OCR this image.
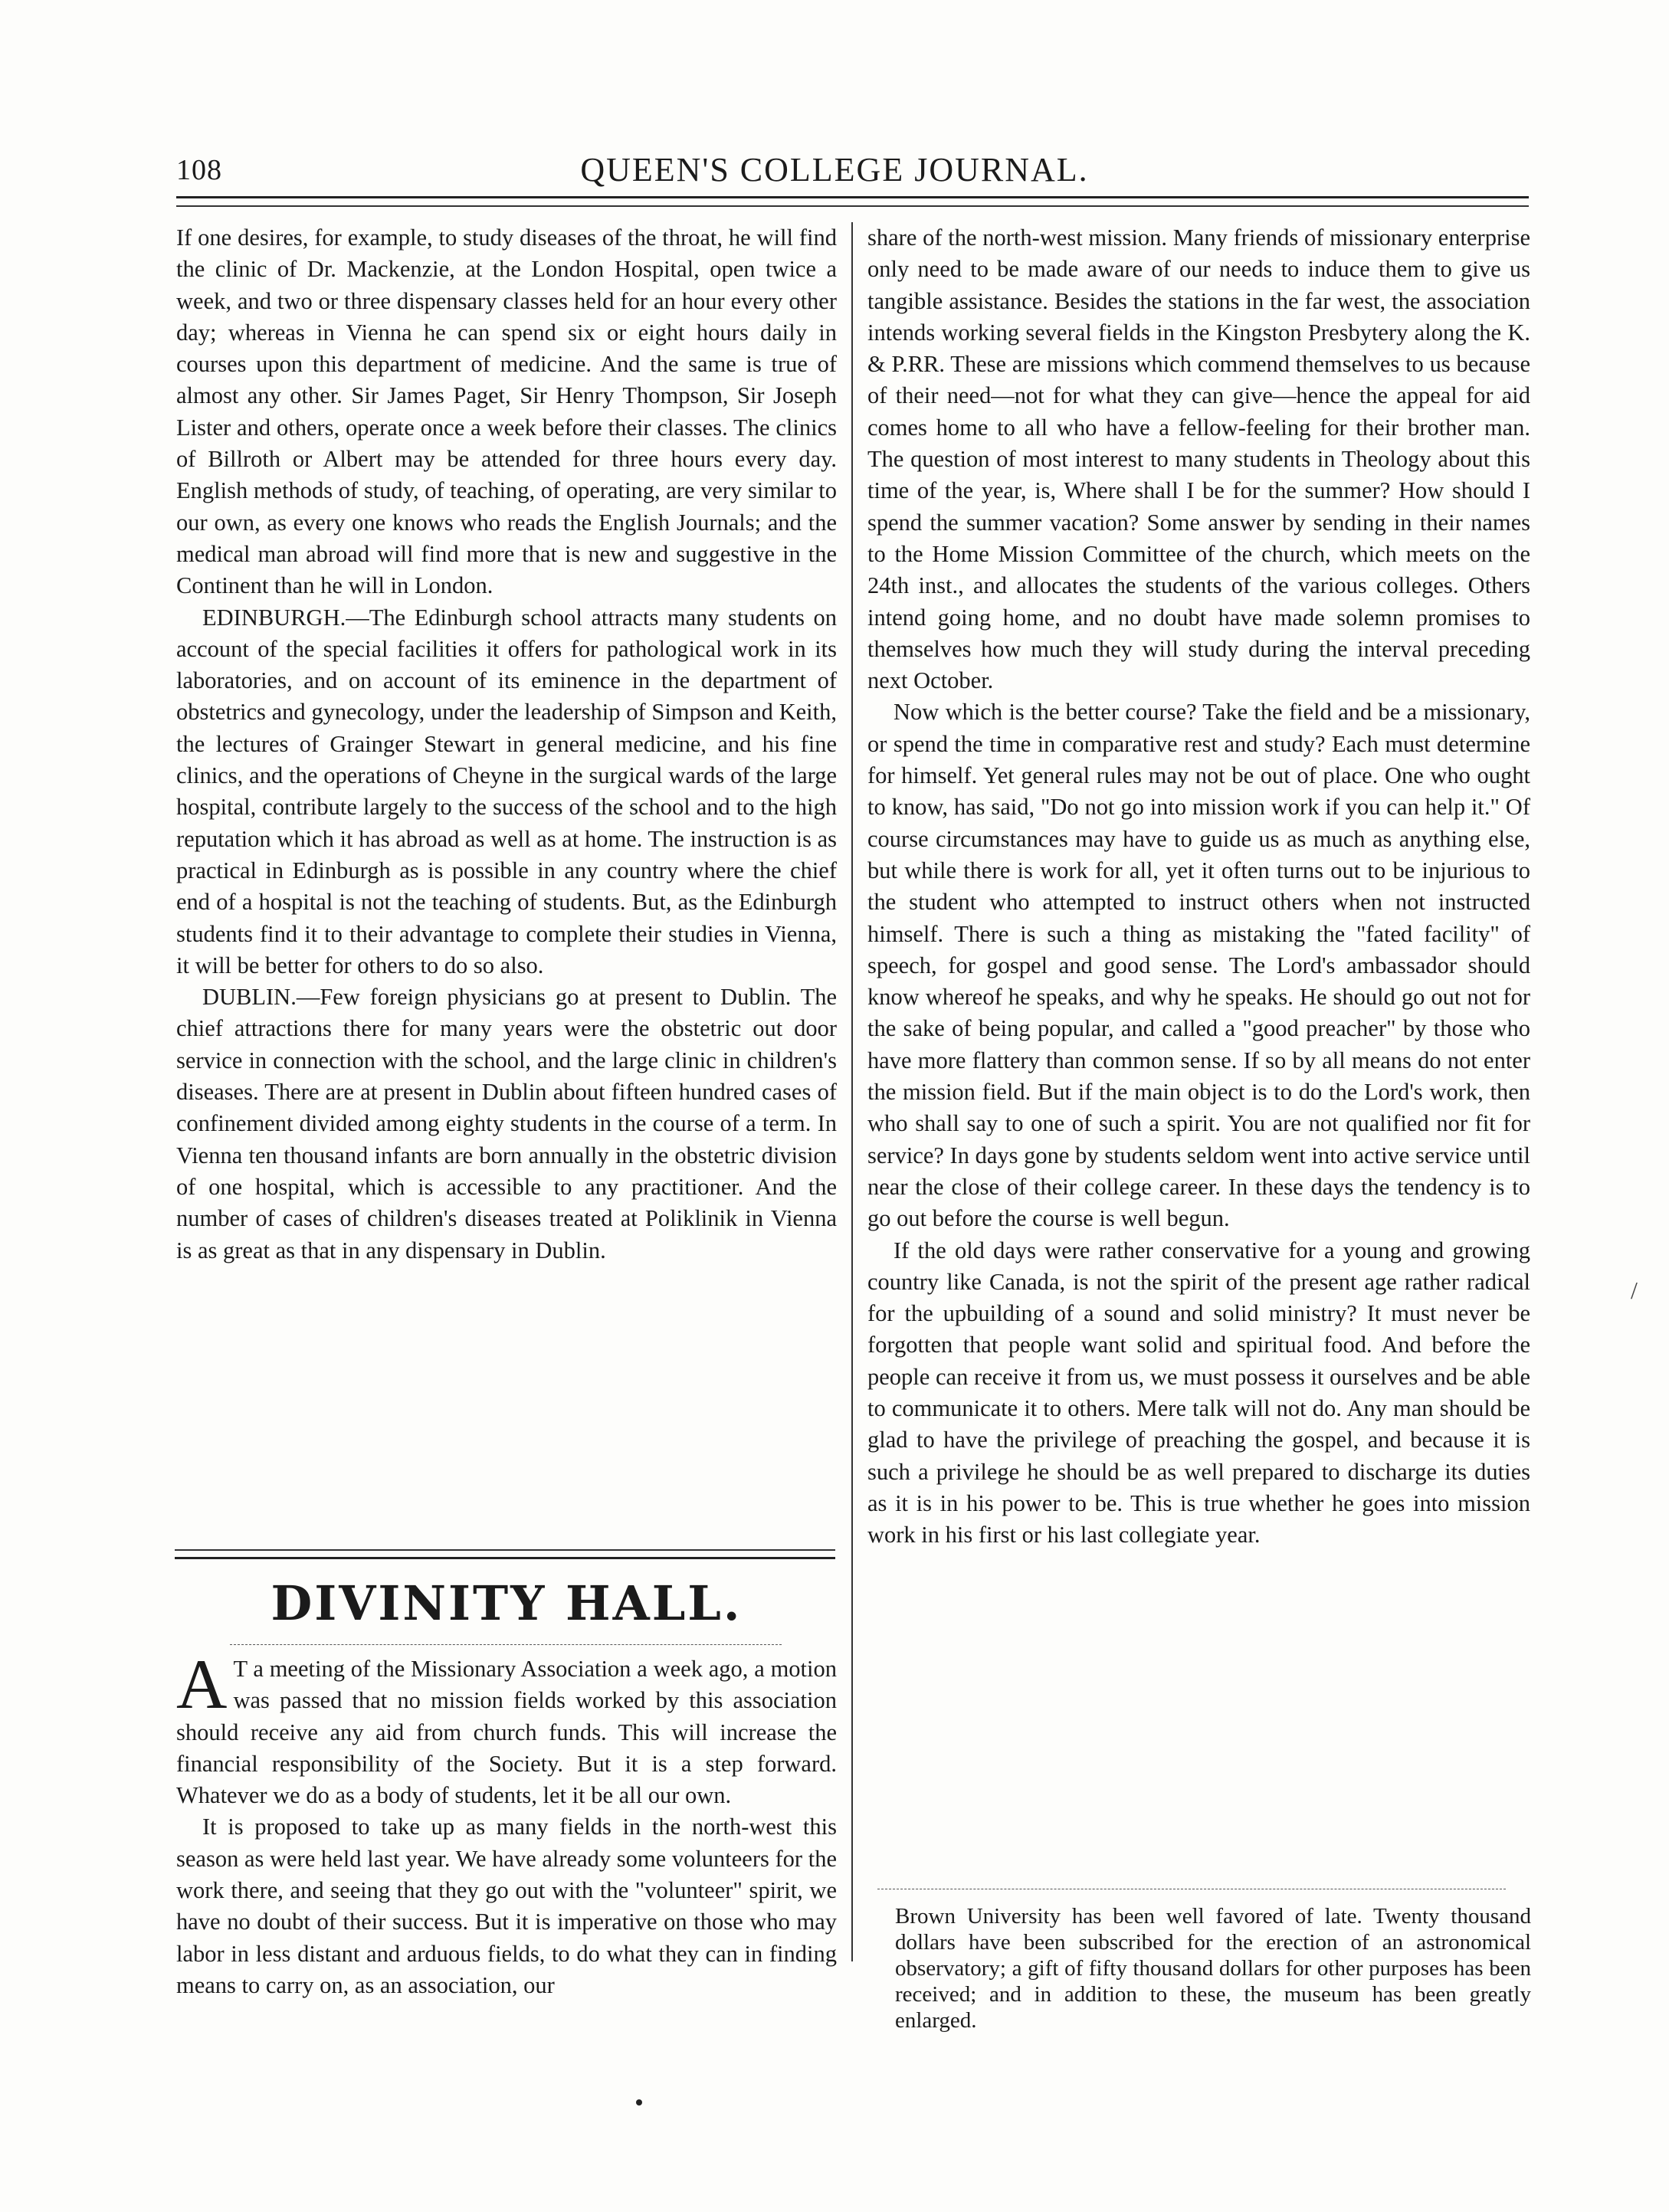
108	QUEEN'S COLLEGE JOURNAL.

If one desires, for example, to study diseases of the throat, he will find the clinic of Dr. Mackenzie, at the London Hospital, open twice a week, and two or three dispensary classes held for an hour every other day; whereas in Vienna he can spend six or eight hours daily in courses upon this department of medicine. And the same is true of almost any other. Sir James Paget, Sir Henry Thompson, Sir Joseph Lister and others, operate once a week before their classes. The clinics of Billroth or Albert may be attended for three hours every day. English methods of study, of teaching, of operating, are very similar to our own, as every one knows who reads the English Journals; and the medical man abroad will find more that is new and suggestive in the Continent than he will in London.

EDINBURGH.—The Edinburgh school attracts many students on account of the special facilities it offers for pathological work in its laboratories, and on account of its eminence in the department of obstetrics and gynecology, under the leadership of Simpson and Keith, the lectures of Grainger Stewart in general medicine, and his fine clinics, and the operations of Cheyne in the surgical wards of the large hospital, contribute largely to the success of the school and to the high reputation which it has abroad as well as at home. The instruction is as practical in Edinburgh as is possible in any country where the chief end of a hospital is not the teaching of students. But, as the Edinburgh students find it to their advantage to complete their studies in Vienna, it will be better for others to do so also.

DUBLIN.—Few foreign physicians go at present to Dublin. The chief attractions there for many years were the obstetric out door service in connection with the school, and the large clinic in children's diseases. There are at present in Dublin about fifteen hundred cases of confinement divided among eighty students in the course of a term. In Vienna ten thousand infants are born annually in the obstetric division of one hospital, which is accessible to any practitioner. And the number of cases of children's diseases treated at Poliklinik in Vienna is as great as that in any dispensary in Dublin.

DIVINITY HALL.

A T a meeting of the Missionary Association a week ago, a motion was passed that no mission fields worked by this association should receive any aid from church funds. This will increase the financial responsibility of the Society. But it is a step forward. Whatever we do as a body of students, let it be all our own.

It is proposed to take up as many fields in the north-west this season as were held last year. We have already some volunteers for the work there, and seeing that they go out with the "volunteer" spirit, we have no doubt of their success. But it is imperative on those who may labor in less distant and arduous fields, to do what they can in finding means to carry on, as an association, our

share of the north-west mission. Many friends of missionary enterprise only need to be made aware of our needs to induce them to give us tangible assistance. Besides the stations in the far west, the association intends working several fields in the Kingston Presbytery along the K. & P.RR. These are missions which commend themselves to us because of their need—not for what they can give—hence the appeal for aid comes home to all who have a fellow-feeling for their brother man. The question of most interest to many students in Theology about this time of the year, is, Where shall I be for the summer? How should I spend the summer vacation? Some answer by sending in their names to the Home Mission Committee of the church, which meets on the 24th inst., and allocates the students of the various colleges. Others intend going home, and no doubt have made solemn promises to themselves how much they will study during the interval preceding next October.

Now which is the better course? Take the field and be a missionary, or spend the time in comparative rest and study? Each must determine for himself. Yet general rules may not be out of place. One who ought to know, has said, "Do not go into mission work if you can help it." Of course circumstances may have to guide us as much as anything else, but while there is work for all, yet it often turns out to be injurious to the student who attempted to instruct others when not instructed himself. There is such a thing as mistaking the "fated facility" of speech, for gospel and good sense. The Lord's ambassador should know whereof he speaks, and why he speaks. He should go out not for the sake of being popular, and called a "good preacher" by those who have more flattery than common sense. If so by all means do not enter the mission field. But if the main object is to do the Lord's work, then who shall say to one of such a spirit. You are not qualified nor fit for service? In days gone by students seldom went into active service until near the close of their college career. In these days the tendency is to go out before the course is well begun.

If the old days were rather conservative for a young and growing country like Canada, is not the spirit of the present age rather radical for the upbuilding of a sound and solid ministry? It must never be forgotten that people want solid and spiritual food. And before the people can receive it from us, we must possess it ourselves and be able to communicate it to others. Mere talk will not do. Any man should be glad to have the privilege of preaching the gospel, and because it is such a privilege he should be as well prepared to discharge its duties as it is in his power to be. This is true whether he goes into mission work in his first or his last collegiate year.

Brown University has been well favored of late. Twenty thousand dollars have been subscribed for the erection of an astronomical observatory; a gift of fifty thousand dollars for other purposes has been received; and in addition to these, the museum has been greatly enlarged.

/
